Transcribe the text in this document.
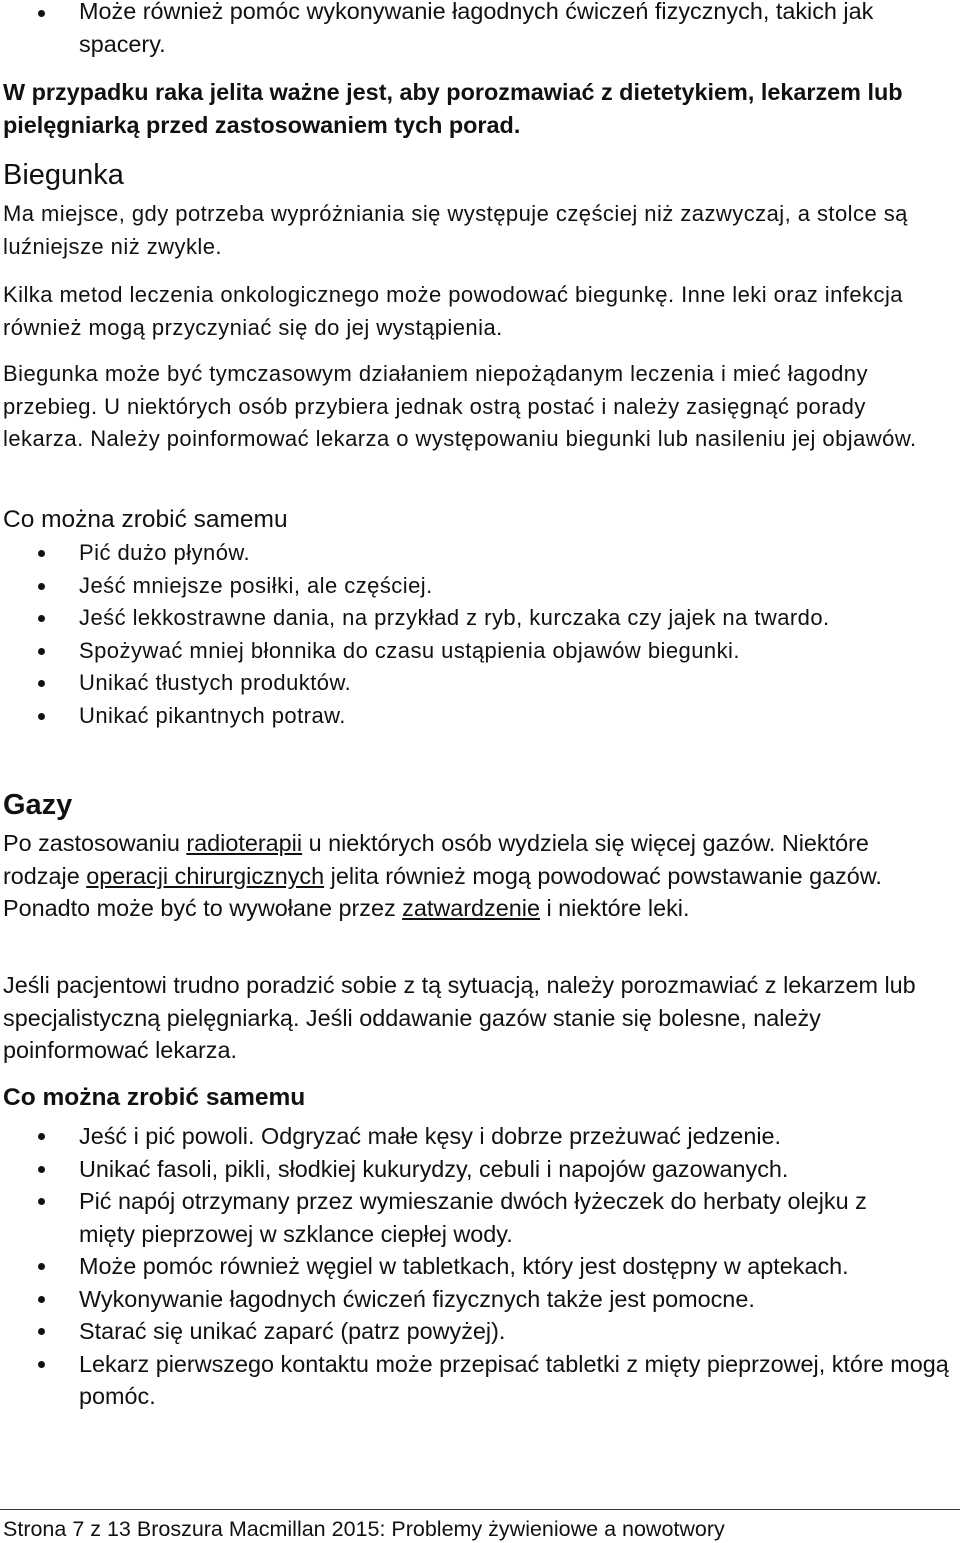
Może również pomóc wykonywanie łagodnych ćwiczeń fizycznych, takich jak spacery.

W przypadku raka jelita ważne jest, aby porozmawiać z dietetykiem, lekarzem lub pielęgniarką przed zastosowaniem tych porad.

Biegunka

Ma miejsce, gdy potrzeba wypróżniania się występuje częściej niż zazwyczaj, a stolce są luźniejsze niż zwykle.

Kilka metod leczenia onkologicznego może powodować biegunkę. Inne leki oraz infekcja również mogą przyczyniać się do jej wystąpienia.

Biegunka może być tymczasowym działaniem niepożądanym leczenia i mieć łagodny przebieg. U niektórych osób przybiera jednak ostrą postać i należy zasięgnąć porady lekarza. Należy poinformować lekarza o występowaniu biegunki lub nasileniu jej objawów.

Co można zrobić samemu
Pić dużo płynów.
Jeść mniejsze posiłki, ale częściej.
Jeść lekkostrawne dania, na przykład z ryb, kurczaka czy jajek na twardo.
Spożywać mniej błonnika do czasu ustąpienia objawów biegunki.
Unikać tłustych produktów.
Unikać pikantnych potraw.
Gazy

Po zastosowaniu radioterapii u niektórych osób wydziela się więcej gazów. Niektóre rodzaje operacji chirurgicznych jelita również mogą powodować powstawanie gazów. Ponadto może być to wywołane przez zatwardzenie i niektóre leki.

Jeśli pacjentowi trudno poradzić sobie z tą sytuacją, należy porozmawiać z lekarzem lub specjalistyczną pielęgniarką. Jeśli oddawanie gazów stanie się bolesne, należy poinformować lekarza.

Co można zrobić samemu
Jeść i pić powoli. Odgryzać małe kęsy i dobrze przeżuwać jedzenie.
Unikać fasoli, pikli, słodkiej kukurydzy, cebuli i napojów gazowanych.
Pić napój otrzymany przez wymieszanie dwóch łyżeczek do herbaty olejku z mięty pieprzowej w szklance ciepłej wody.
Może pomóc również węgiel w tabletkach, który jest dostępny w aptekach.
Wykonywanie łagodnych ćwiczeń fizycznych także jest pomocne.
Starać się unikać zaparć (patrz powyżej).
Lekarz pierwszego kontaktu może przepisać tabletki z mięty pieprzowej, które mogą pomóc.
Strona 7 z 13 Broszura Macmillan 2015: Problemy żywieniowe a nowotwory
